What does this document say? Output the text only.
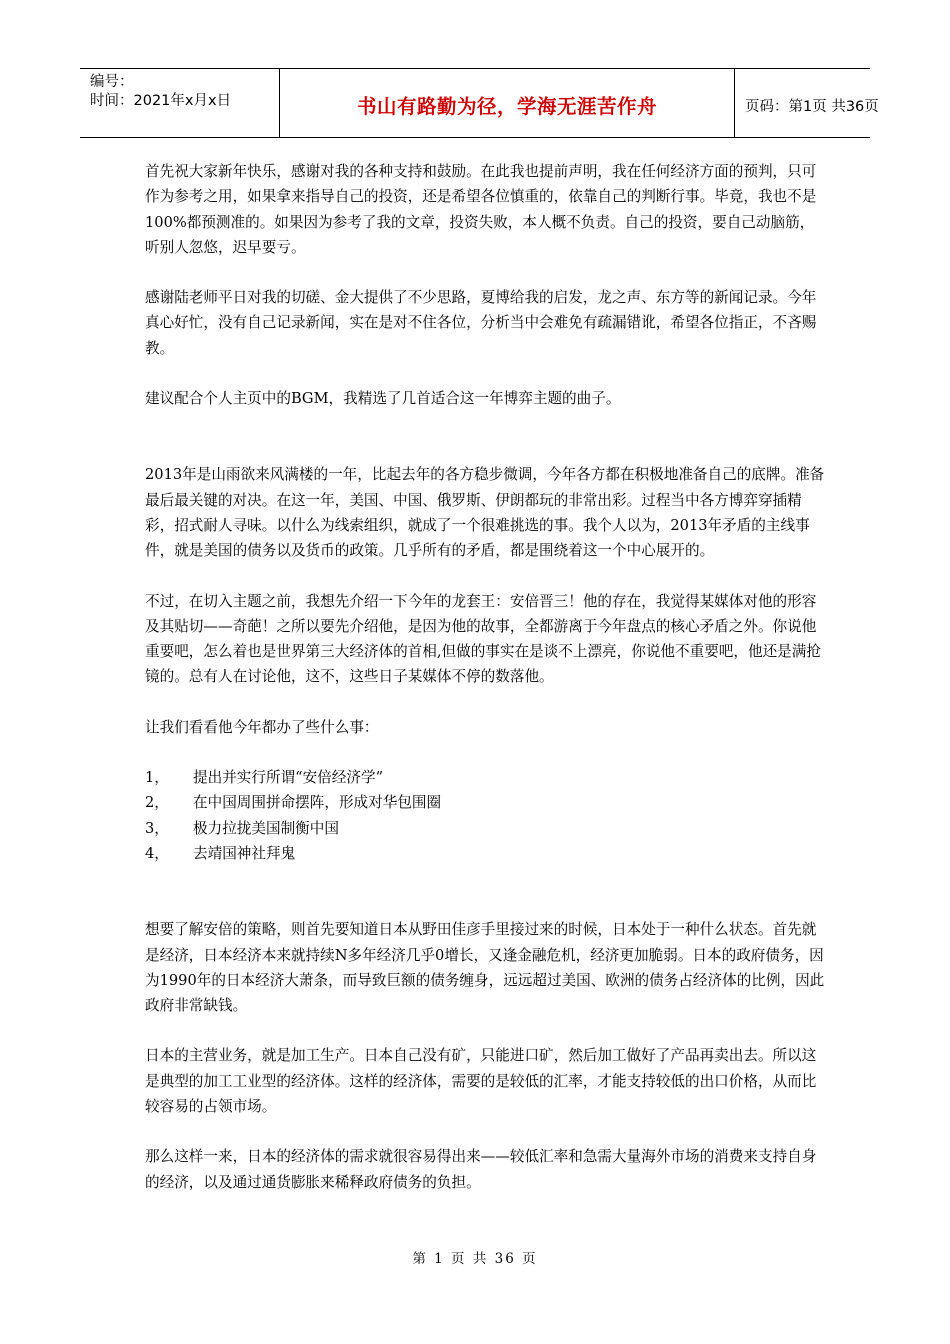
编号：
时间：2021年x月x日	书山有路勤为径，学海无涯苦作舟	页码：第1页 共36页

首先祝大家新年快乐，感谢对我的各种支持和鼓励。在此我也提前声明，我在任何经济方面的预判，只可作为参考之用，如果拿来指导自己的投资，还是希望各位慎重的，依靠自己的判断行事。毕竟，我也不是100%都预测准的。如果因为参考了我的文章，投资失败，本人概不负责。自己的投资，要自己动脑筋，听别人忽悠，迟早要亏。

感谢陆老师平日对我的切磋、金大提供了不少思路，夏博给我的启发，龙之声、东方等的新闻记录。今年真心好忙，没有自己记录新闻，实在是对不住各位，分析当中会难免有疏漏错讹，希望各位指正，不吝赐教。

建议配合个人主页中的BGM，我精选了几首适合这一年博弈主题的曲子。

2013年是山雨欲来风满楼的一年，比起去年的各方稳步微调，今年各方都在积极地准备自己的底牌。准备最后最关键的对决。在这一年，美国、中国、俄罗斯、伊朗都玩的非常出彩。过程当中各方博弈穿插精彩，招式耐人寻味。以什么为线索组织，就成了一个很难挑选的事。我个人以为，2013年矛盾的主线事件，就是美国的债务以及货币的政策。几乎所有的矛盾，都是围绕着这一个中心展开的。

不过，在切入主题之前，我想先介绍一下今年的龙套王：安倍晋三！他的存在，我觉得某媒体对他的形容及其贴切——奇葩！之所以要先介绍他，是因为他的故事，全都游离于今年盘点的核心矛盾之外。你说他重要吧，怎么着也是世界第三大经济体的首相,但做的事实在是谈不上漂亮，你说他不重要吧，他还是满抢镜的。总有人在讨论他，这不，这些日子某媒体不停的数落他。

让我们看看他今年都办了些什么事：

1，	提出并实行所谓“安倍经济学”
2，	在中国周围拼命摆阵，形成对华包围圈
3，	极力拉拢美国制衡中国
4，	去靖国神社拜鬼

想要了解安倍的策略，则首先要知道日本从野田佳彦手里接过来的时候，日本处于一种什么状态。首先就是经济，日本经济本来就持续N多年经济几乎0增长，又逢金融危机，经济更加脆弱。日本的政府债务，因为1990年的日本经济大萧条，而导致巨额的债务缠身，远远超过美国、欧洲的债务占经济体的比例，因此政府非常缺钱。

日本的主营业务，就是加工生产。日本自己没有矿，只能进口矿，然后加工做好了产品再卖出去。所以这是典型的加工工业型的经济体。这样的经济体，需要的是较低的汇率，才能支持较低的出口价格，从而比较容易的占领市场。

那么这样一来，日本的经济体的需求就很容易得出来——较低汇率和急需大量海外市场的消费来支持自身的经济，以及通过通货膨胀来稀释政府债务的负担。

第 1 页 共 36 页
